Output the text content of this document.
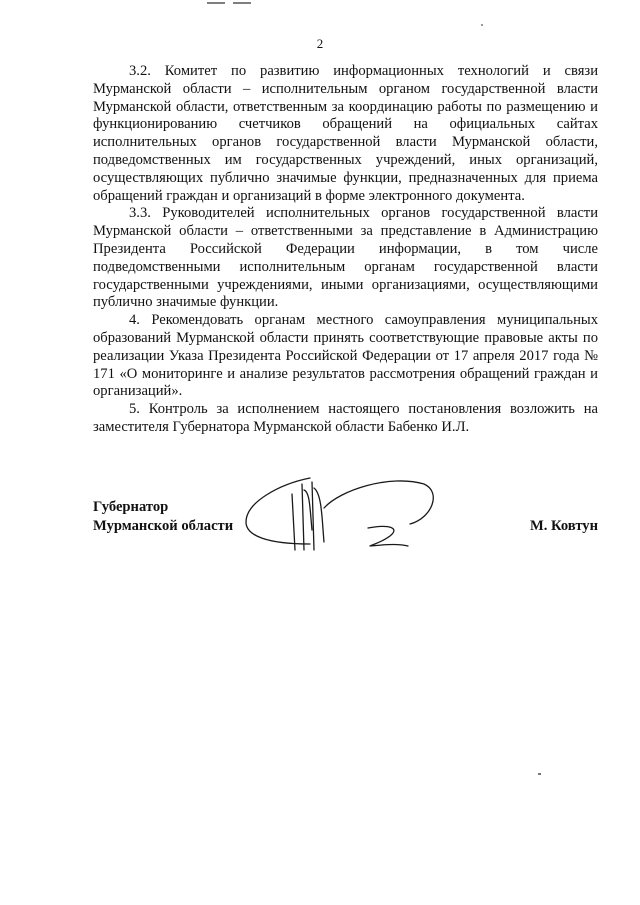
2

3.2. Комитет по развитию информационных технологий и связи Мурманской области – исполнительным органом государственной власти Мурманской области, ответственным за координацию работы по размещению и функционированию счетчиков обращений на официальных сайтах исполнительных органов государственной власти Мурманской области, подведомственных им государственных учреждений, иных организаций, осуществляющих публично значимые функции, предназначенных для приема обращений граждан и организаций в форме электронного документа.

3.3. Руководителей исполнительных органов государственной власти Мурманской области – ответственными за представление в Администрацию Президента Российской Федерации информации, в том числе подведомственными исполнительным органам государственной власти государственными учреждениями, иными организациями, осуществляющими публично значимые функции.

4. Рекомендовать органам местного самоуправления муниципальных образований Мурманской области принять соответствующие правовые акты по реализации Указа Президента Российской Федерации от 17 апреля 2017 года № 171 «О мониторинге и анализе результатов рассмотрения обращений граждан и организаций».

5. Контроль за исполнением настоящего постановления возложить на заместителя Губернатора Мурманской области Бабенко И.Л.

Губернатор
Мурманской области	М. Ковтун
